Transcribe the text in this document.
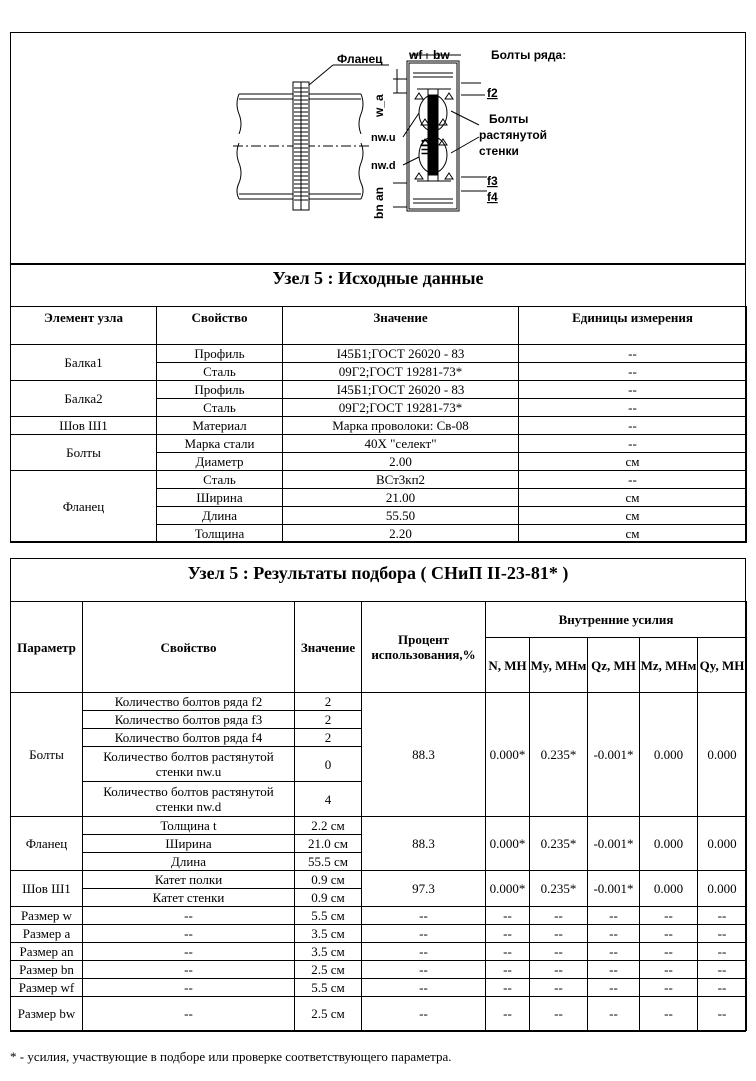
Фланец wf bw	Болты ряда:
f2
f3
f4
w_a
nw.u
nw.d
bn an
Ш1
Болты
растянутой
стенки
Узел 5 : Исходные данные
Элемент узла	Свойство	Значение	Единицы измерения
Балка1	Профиль	I45Б1;ГОСТ 26020 - 83	--
	Сталь	09Г2;ГОСТ 19281-73*	--
Балка2	Профиль	I45Б1;ГОСТ 26020 - 83	--
	Сталь	09Г2;ГОСТ 19281-73*	--
Шов Ш1	Материал	Марка проволоки: Св-08	--
Болты	Марка стали	40Х "селект"	--
	Диаметр	2.00	см
Фланец	Сталь	ВСт3кп2	--
	Ширина	21.00	см
	Длина	55.50	см
	Толщина	2.20	см
Узел 5 : Результаты подбора ( СНиП II-23-81* )
Параметр	Свойство	Значение	Процент использования,%	Внутренние усилия				
				N, МН	My, МНм	Qz, МН	Mz, МНм	Qy, МН
Болты	Количество болтов ряда f2	2	88.3	0.000*	0.235*	-0.001*	0.000	0.000
	Количество болтов ряда f3	2						
	Количество болтов ряда f4	2						
	Количество болтов растянутой стенки nw.u	0						
	Количество болтов растянутой стенки nw.d	4						
Фланец	Толщина t	2.2 см	88.3	0.000*	0.235*	-0.001*	0.000	0.000
	Ширина	21.0 см						
	Длина	55.5 см						
Шов Ш1	Катет полки	0.9 см	97.3	0.000*	0.235*	-0.001*	0.000	0.000
	Катет стенки	0.9 см						
Размер w	--	5.5 см	--	--	--	--	--	--
Размер a	--	3.5 см	--	--	--	--	--	--
Размер an	--	3.5 см	--	--	--	--	--	--
Размер bn	--	2.5 см	--	--	--	--	--	--
Размер wf	--	5.5 см	--	--	--	--	--	--
Размер bw	--	2.5 см	--	--	--	--	--	--
* - усилия, участвующие в подборе или проверке соответствующего параметра.
